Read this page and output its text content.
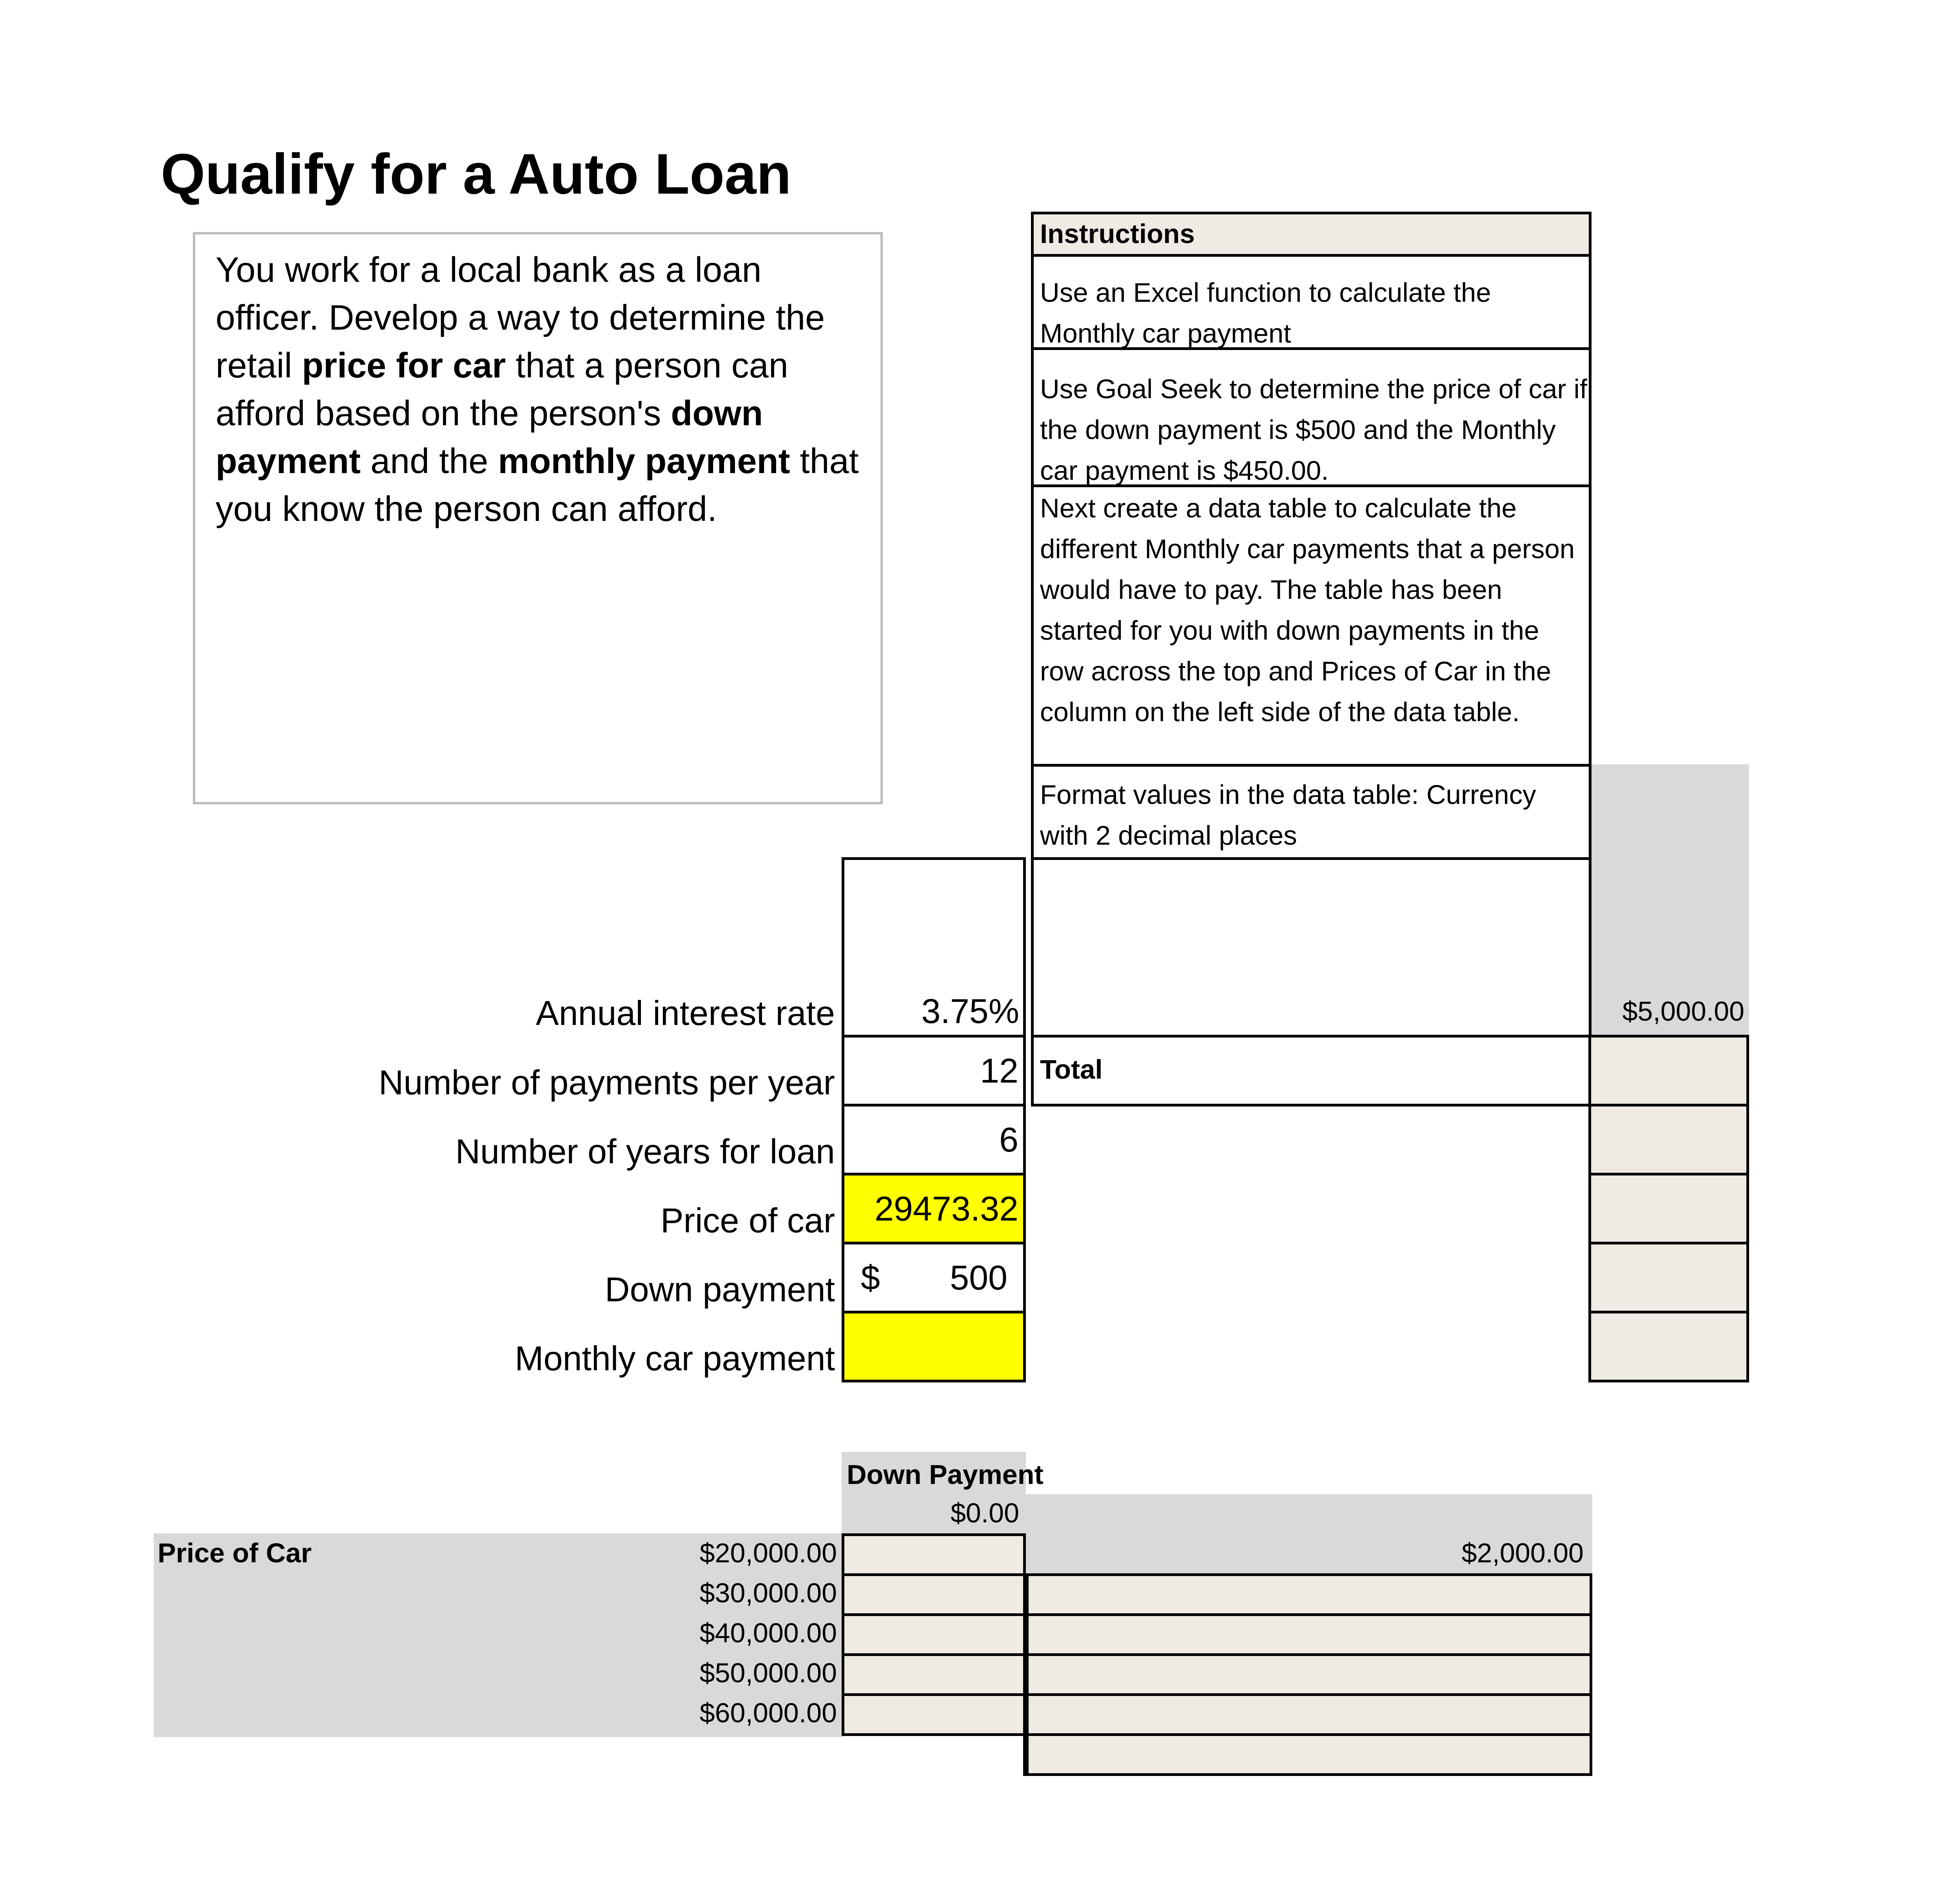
Qualify for a Auto Loan
You work for a local bank as a loan officer. Develop a way to determine the retail price for car that a person can afford based on the person's down payment and the monthly payment that you know the person can afford.
Instructions
Use an Excel function to calculate the Monthly car payment
Use Goal Seek to determine the price of car if the down payment is $500 and the Monthly car payment is $450.00.
Next create a data table to calculate the different Monthly car payments that a person would have to pay. The table has been started for you with down payments in the row across the top and Prices of Car in the column on the left side of the data table.
Format values in the data table: Currency with 2 decimal places
Total
$5,000.00
Annual interest rate
Number of payments per year
Number of years for loan
Price of car
Down payment
Monthly car payment
3.75%
12
6
29473.32
$ 500
Down Payment
$0.00
$2,000.00
Price of Car	$20,000.00
$30,000.00
$40,000.00
$50,000.00
$60,000.00
